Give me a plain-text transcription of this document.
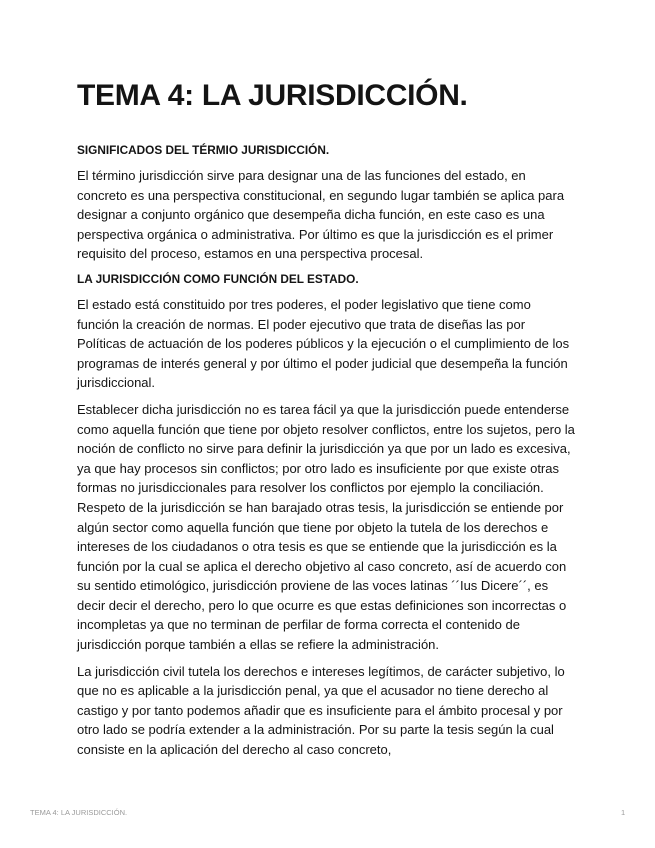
TEMA 4: LA JURISDICCIÓN.
SIGNIFICADOS DEL TÉRMIO JURISDICCIÓN.

El término jurisdicción sirve para designar una de las funciones del estado, en concreto es una perspectiva constitucional, en segundo lugar también se aplica para designar a conjunto orgánico que desempeña dicha función, en este caso es una perspectiva orgánica o administrativa. Por último es que la jurisdicción es el primer requisito del proceso, estamos en una perspectiva procesal.

LA JURISDICCIÓN COMO FUNCIÓN DEL ESTADO.

El estado está constituido por tres poderes, el poder legislativo que tiene como función la creación de normas. El poder ejecutivo que trata de diseñas las por Políticas de actuación de los poderes públicos y la ejecución o el cumplimiento de los programas de interés general y por último el poder judicial que desempeña la función jurisdiccional.

Establecer dicha jurisdicción no es tarea fácil ya que la jurisdicción puede entenderse como aquella función que tiene por objeto resolver conflictos, entre los sujetos, pero la noción de conflicto no sirve para definir la jurisdicción ya que por un lado es excesiva, ya que hay procesos sin conflictos; por otro lado es insuficiente por que existe otras formas no jurisdiccionales para resolver los conflictos por ejemplo la conciliación. Respeto de la jurisdicción se han barajado otras tesis, la jurisdicción se entiende por algún sector como aquella función que tiene por objeto la tutela de los derechos e intereses de los ciudadanos o otra tesis es que se entiende que la jurisdicción es la función por la cual se aplica el derecho objetivo al caso concreto, así de acuerdo con su sentido etimológico, jurisdicción proviene de las voces latinas ´´Ius Dicere´´, es decir decir el derecho, pero lo que ocurre es que estas definiciones son incorrectas o incompletas ya que no terminan de perfilar de forma correcta el contenido de jurisdicción porque también a ellas se refiere la administración.

La jurisdicción civil tutela los derechos e intereses legítimos, de carácter subjetivo, lo que no es aplicable a la jurisdicción penal, ya que el acusador no tiene derecho al castigo y por tanto podemos añadir que es insuficiente para el ámbito procesal y por otro lado se podría extender a la administración. Por su parte la tesis según la cual consiste en la aplicación del derecho al caso concreto,

TEMA 4: LA JURISDICCIÓN.	1
